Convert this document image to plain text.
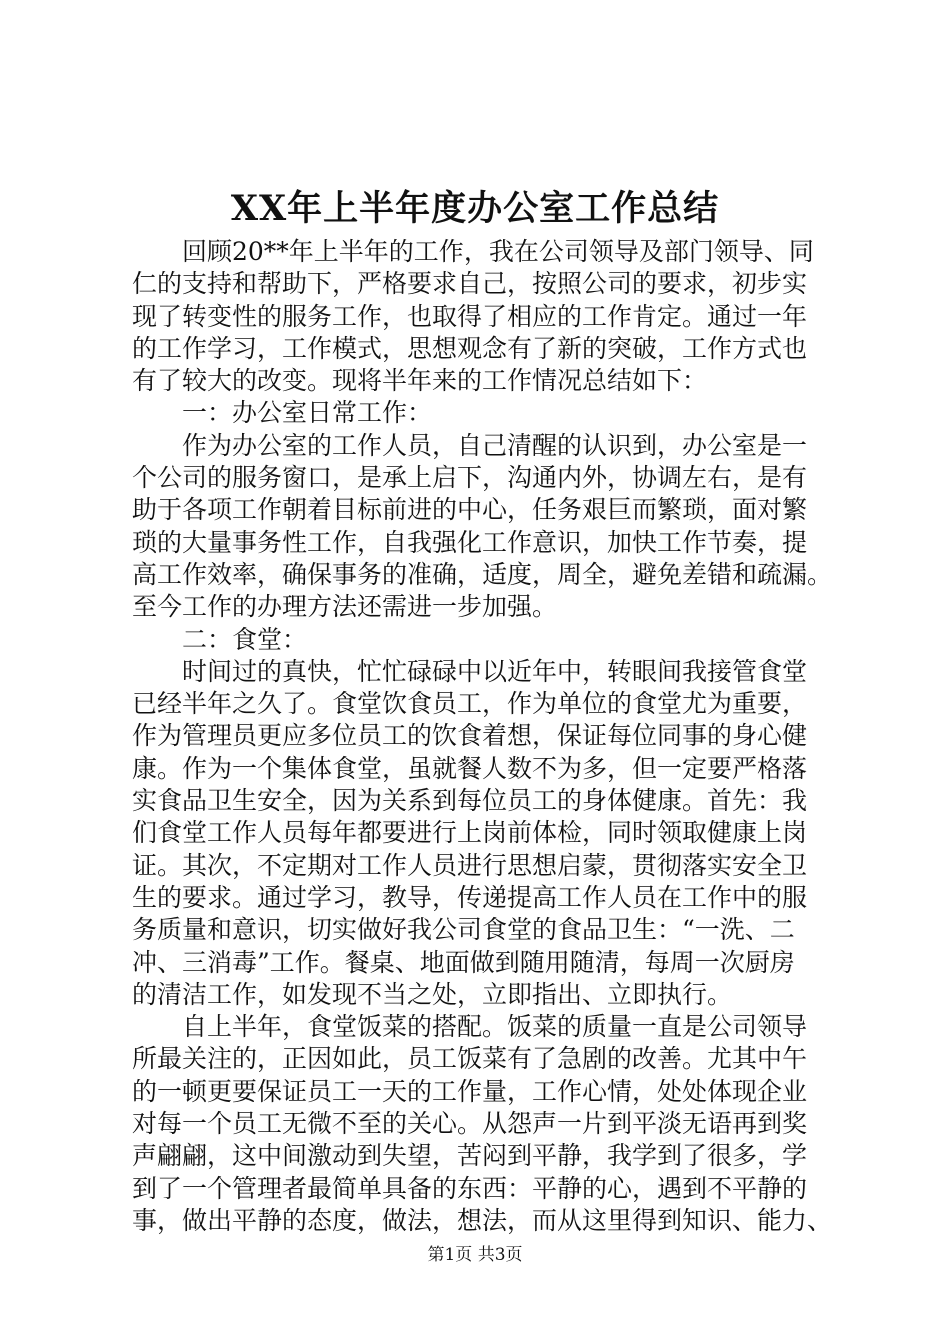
XX年上半年度办公室工作总结
　　回顾20**年上半年的工作，我在公司领导及部门领导、同
仁的支持和帮助下，严格要求自己，按照公司的要求，初步实
现了转变性的服务工作，也取得了相应的工作肯定。通过一年
的工作学习，工作模式，思想观念有了新的突破，工作方式也
有了较大的改变。现将半年来的工作情况总结如下：
　　一：办公室日常工作：
　　作为办公室的工作人员，自己清醒的认识到，办公室是一
个公司的服务窗口，是承上启下，沟通内外，协调左右，是有
助于各项工作朝着目标前进的中心，任务艰巨而繁琐，面对繁
琐的大量事务性工作，自我强化工作意识，加快工作节奏，提
高工作效率，确保事务的准确，适度，周全，避免差错和疏漏。
至今工作的办理方法还需进一步加强。
　　二：食堂：
　　时间过的真快，忙忙碌碌中以近年中，转眼间我接管食堂
已经半年之久了。食堂饮食员工，作为单位的食堂尤为重要，
作为管理员更应多位员工的饮食着想，保证每位同事的身心健
康。作为一个集体食堂，虽就餐人数不为多，但一定要严格落
实食品卫生安全，因为关系到每位员工的身体健康。首先：我
们食堂工作人员每年都要进行上岗前体检，同时领取健康上岗
证。其次，不定期对工作人员进行思想启蒙，贯彻落实安全卫
生的要求。通过学习，教导，传递提高工作人员在工作中的服
务质量和意识，切实做好我公司食堂的食品卫生：“一洗、二
冲、三消毒”工作。餐桌、地面做到随用随清，每周一次厨房
的清洁工作，如发现不当之处，立即指出、立即执行。
　　自上半年，食堂饭菜的搭配。饭菜的质量一直是公司领导
所最关注的，正因如此，员工饭菜有了急剧的改善。尤其中午
的一顿更要保证员工一天的工作量，工作心情，处处体现企业
对每一个员工无微不至的关心。从怨声一片到平淡无语再到奖
声翩翩，这中间激动到失望，苦闷到平静，我学到了很多，学
到了一个管理者最简单具备的东西：平静的心，遇到不平静的
事，做出平静的态度，做法，想法，而从这里得到知识、能力、
第1页 共3页
